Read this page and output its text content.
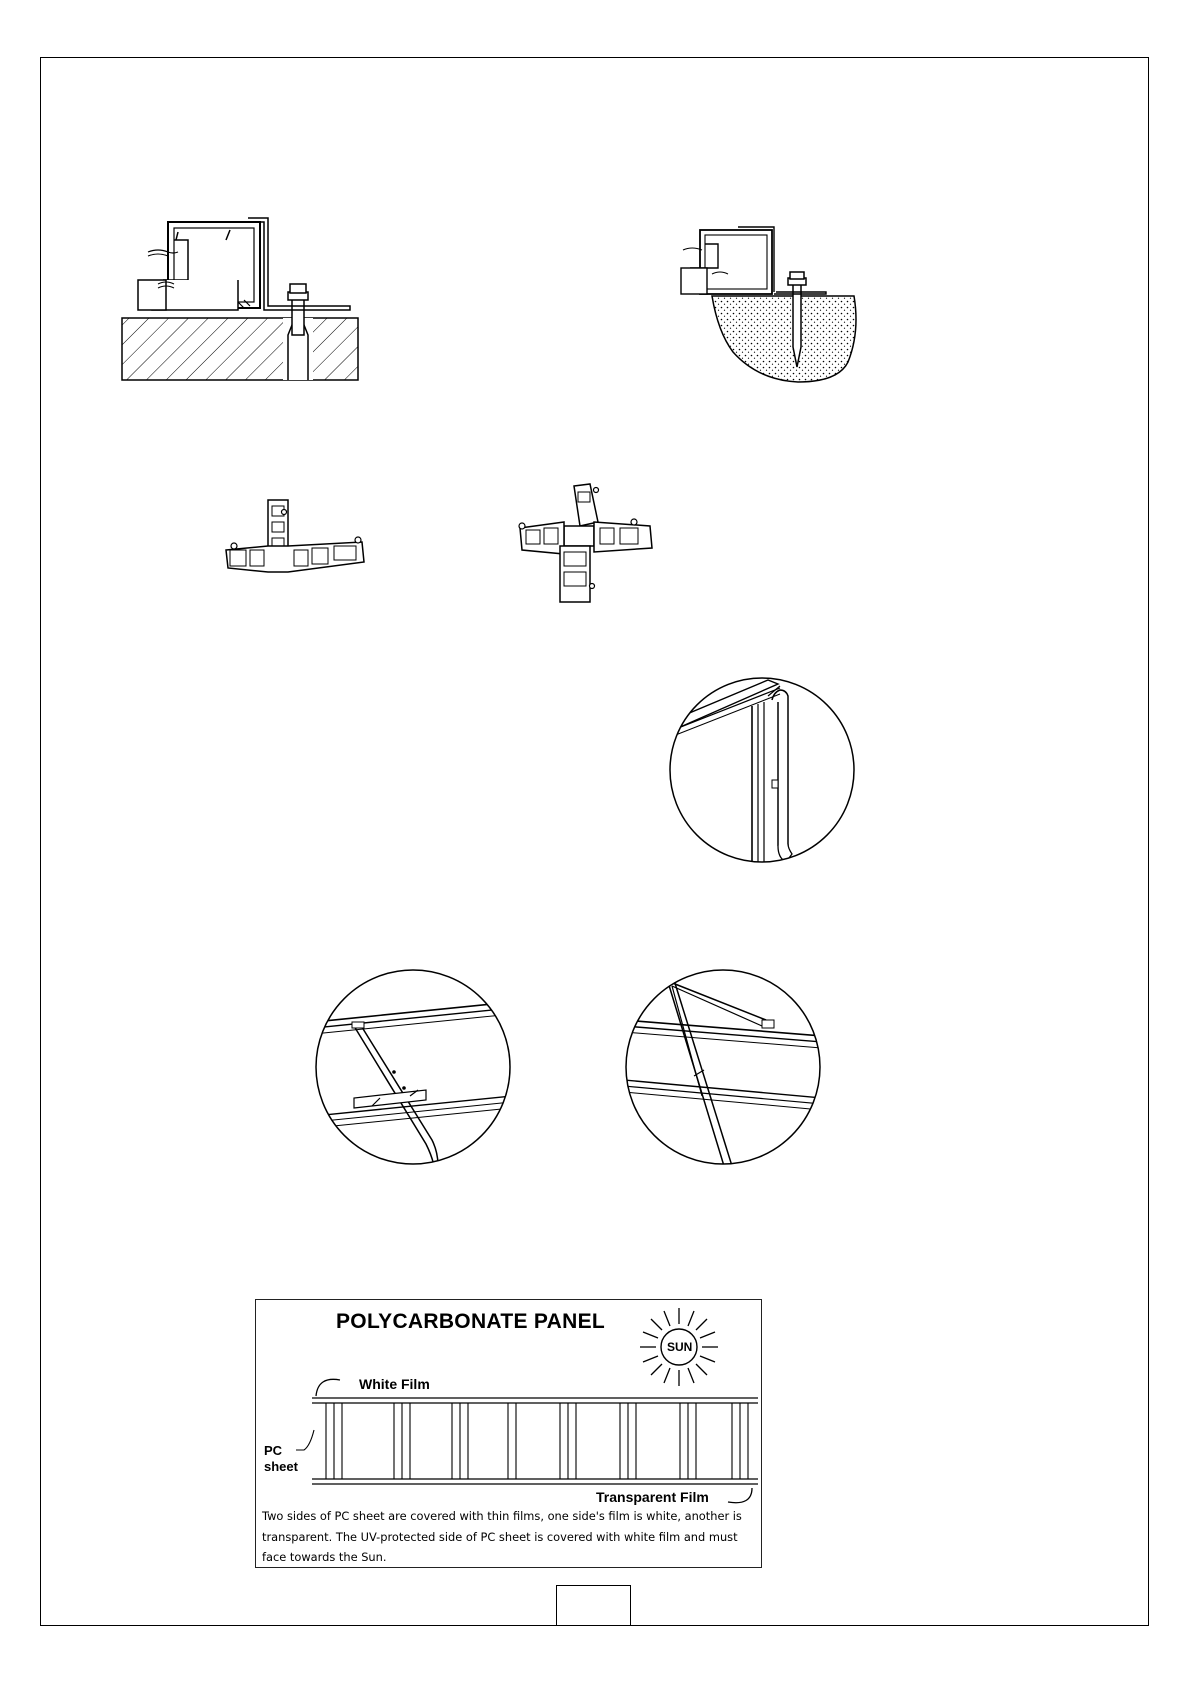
POLYCARBONATE PANEL
SUN
White Film
PC
sheet
Transparent Film
Two sides of PC sheet are covered with thin films, one side's film is white, another is transparent. The UV-protected side of PC sheet is covered with white film and must face towards the Sun.
